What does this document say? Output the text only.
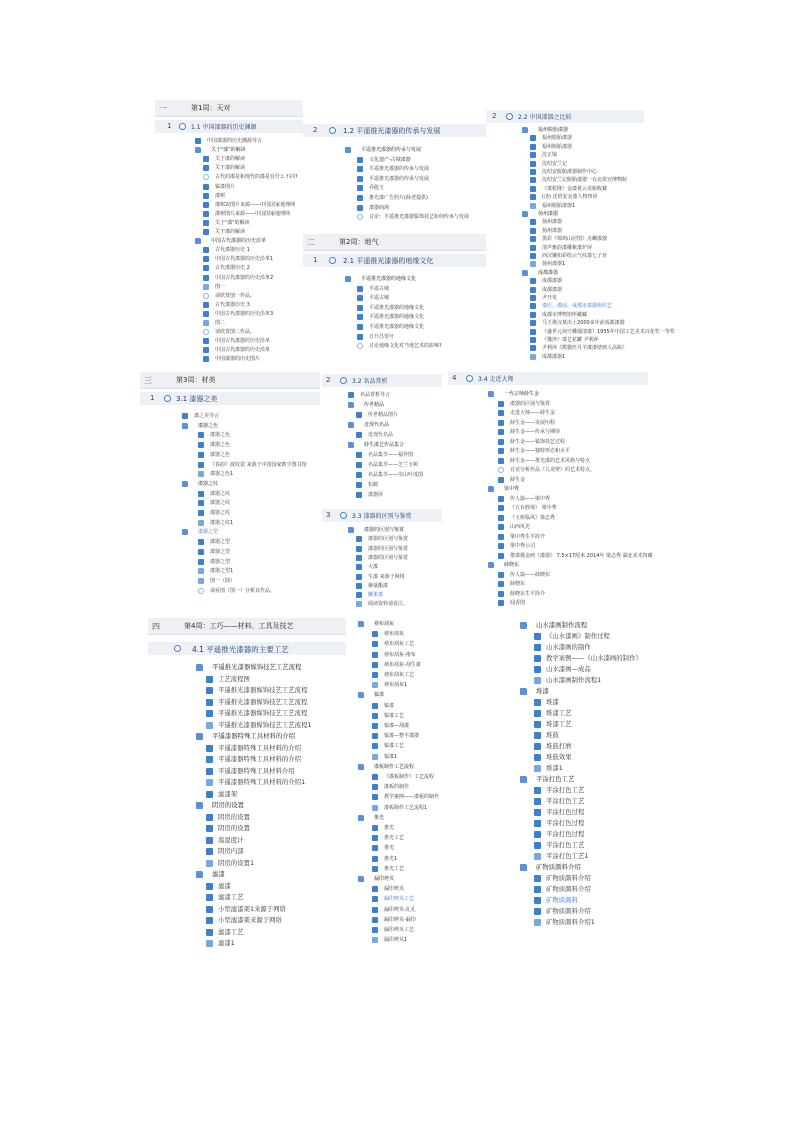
一	第1周：天对
1	1.1 中国漆器的历史渊源
中国漆器的历史渊源导言
关于"漆"的解读
关于漆的解读
关于漆的解读
古代的漆是和现代的漆是有什么不同?
髹漆图片
漆树
漆树2(图片来源——中国国家地理网
漆树图片来源——中国国家地理网
关于"漆"的解读
关于漆的解读
中国古代漆器的历史沿革
古代漆器历史 1
中国古代漆器的历史沿革1
古代漆器历史 2
中国古代漆器的历史沿革2
图一
请欣赏图一作品。
古代漆器历史 3
中国古代漆器的历史沿革3
图二
请欣赏图二作品。
中国古代漆器的历史沿革
中国古代漆器的历史沿革
中国漆器的历史图片
2	1.2 平遥推光漆器的传承与发展
平遥推光漆器的传承与发展
文化遗产-古城漆器
平遥推光漆器的传承与发展
平遥推光漆器的传承与发展
乔殷玉
推光漆广告照片(薛老提供)
漆器商场
讨论：平遥推光漆器髹饰技艺如何传承与发展
二	第2周：地气
1	2.1 平遥推光漆器的地缘文化
平遥推光漆器的地缘文化
平遥古城
平遥古城
平遥推光漆器的地缘文化
平遥推光漆器的地缘文化
平遥推光漆器的地缘文化
日升昌票号
讨论地缘文化对当地艺术的影响?
2	2.2 中国漆器之比较
福州脱胎漆器
福州脱胎漆器
福州脱胎漆器
沈正镐
沈绍安兰记
沈绍安脱胎漆器制作中心
沈绍安兰记脱胎漆器一台北故宫博物院
《漆乾隆》金漆黄云龙瓶收藏
(清) 沈绍安金漆人物四屏
福州脱胎漆器1
扬州漆器
扬州漆器
扬州漆器
黑彩《锦鸡山居图》点螺漆器
清声雅韵漆雕紫漆炉屏
西汉镶扣彩绘云气纹漆七子奁
扬州漆器1
成都漆器
成都漆器
成都漆器
尹开发
漆匠、漆园、成都市漆器组织艺
成都市博物馆所藏藏
马王堆汉墓出土2000多年前成都漆器
《盛世元琼空蝶郁清漆》1955年中国工艺美术百花奖一等奖
《豫净》漆艺花罐 尹利萍
尹利萍《熊猫丝月羊漆漆壁画人高瓶》
成都漆器1
三	第3周：材美
1	3.1 漆器之美
漆之美导言
漆器之色
漆器之色
漆器之色
漆器之色
《春韵》波纹瓷 来源于中国国家数字图书馆
漆器之色1
漆器之纹
漆器之纹
漆器之纹
漆器之纹
漆器之纹1
漆器之型
漆器之型
漆器之型
漆器之型
漆器之型1
图一（圆）
请看图（图一）分析其作品。
2	3.2 名品赏析
名品赏析导言
传世精品
传世精品图片
近现代名品
近现代名品
薛生漆艺作品集合
名品集萃——福祥图
名品集萃——芝兰玉树
名品集萃——崇山叶茂图
松鹤
漆器屏
3	3.3 漆器的区别与鉴赏
漆器的区别与鉴赏
漆器的区别与鉴赏
漆器的区别与鉴赏
漆器的区别与鉴赏
大漆
生漆 来源于网络
聚氨酯漆
腰果漆
阅读资料请看注。
4	3.4 走近大师
一代宗师薛生金
漆器的区别与鉴赏
走进大师——薛生金
薛生金——发展历程
薛生金——传承与期待
薛生金——髹饰技艺过程
薛生金——独特形态和水平
薛生金——推光漆的艺术风格与特点
讨论分析作品《九龙壁》的艺术特点。
薛生金
梁中秀
传人篇——梁中秀
《五台胜境》 梁中秀
《玉树临风》梁志秀
山西风光
梁中秀生平简介
梁中秀公司
推漆描金画《漆器》 7.5×17厘米 2014年 梁志秀 湖北美术馆藏
薛晓东
传人篇——薛晓东
薛晓东
薛晓东生平简介
闻香图
四	第4周：工巧——材料、工具及技艺
4.1 平遥推光漆器的主要工艺
平遥推光漆器髹饰技艺工艺流程
工艺流程图
平遥推光漆器髹饰技艺工艺流程
平遥推光漆器髹饰技艺工艺流程
平遥推光漆器髹饰技艺工艺流程
平遥推光漆器髹饰技艺工艺流程1
平遥漆器特殊工具材料的介绍
平遥漆器特殊工具材料的介绍
平遥漆器特殊工具材料的介绍
平遥漆器特殊工具材料介绍
平遥漆器特殊工具材料的介绍1
滤漆架
阴房的设置
阴房的设置
阴房的设置
温湿度计
阴房内部
阴房的设置1
滤漆
滤漆
滤漆工艺
小型滤漆架1来源于网络
小型滤漆架来源于网络
滤漆工艺
滤漆1
褚布刮灰
褚布刮灰
褚布刮灰工艺
褚布刮灰-褚布
褚布刮灰-刮生漆
褚布刮灰工艺
褚布刮灰1
髹漆
髹漆
髹漆工艺
髹漆—刮漆
髹漆—整平漆器
髹漆工艺
髹漆1
漆板制作工艺流程
《漆板制作》工艺流程
漆板的制作
教学案例——漆板的制作
漆板制作工艺流程1
推光
推光
推光工艺
推光
推光1
推光工艺
漏印烤贝
漏印烤贝
漏印烤贝工艺
漏印烤贝-扎孔
漏印烤贝-漏印
漏印烤贝工艺
漏印烤贝1
山水漆画制作流程
《山水漆画》制作过程
山水漆画的制作
教学案例——《山水漆画的制作》
山水漆画—成品
山水漆画制作流程1
堆漆
堆漆
堆漆工艺
堆漆工艺
堆鼓
堆鼓打磨
堆鼓效果
堆漆1
平涂打色工艺
平涂打色工艺
平涂打色工艺
平涂打色过程
平涂打色过程
平涂打色过程
平涂打色工艺
平涂打色工艺1
矿物质颜料介绍
矿物质颜料介绍
矿物质颜料介绍
矿物质颜料
矿物质颜料介绍
矿物质颜料介绍1
